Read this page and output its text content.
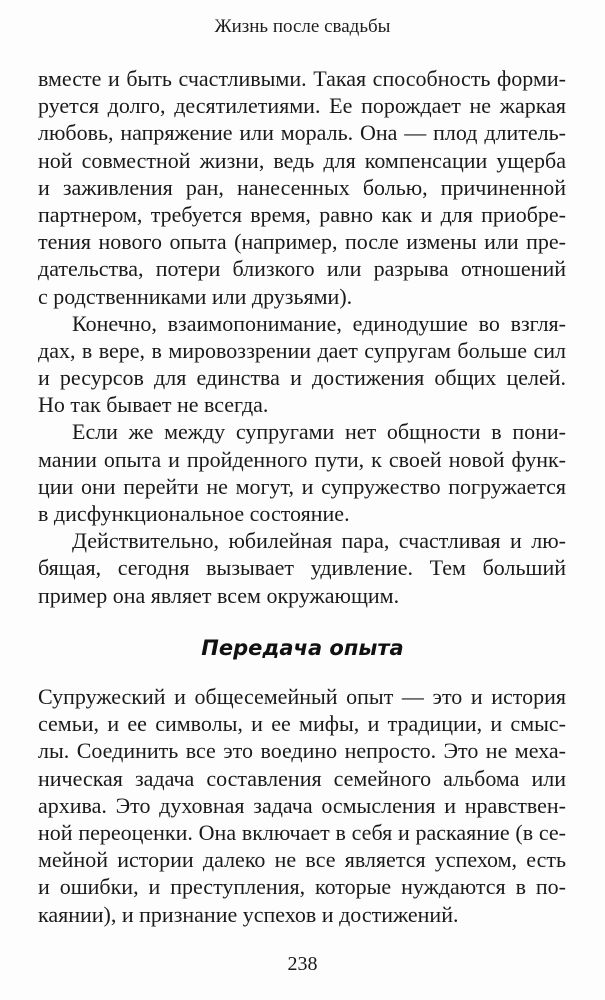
Жизнь после свадьбы
вместе и быть счастливыми. Такая способность форми-
руется долго, десятилетиями. Ее порождает не жаркая
любовь, напряжение или мораль. Она — плод длитель-
ной совместной жизни, ведь для компенсации ущерба
и заживления ран, нанесенных болью, причиненной
партнером, требуется время, равно как и для приобре-
тения нового опыта (например, после измены или пре-
дательства, потери близкого или разрыва отношений
с родственниками или друзьями).
Конечно, взаимопонимание, единодушие во взгля-
дах, в вере, в мировоззрении дает супругам больше сил
и ресурсов для единства и достижения общих целей.
Но так бывает не всегда.
Если же между супругами нет общности в пони-
мании опыта и пройденного пути, к своей новой функ-
ции они перейти не могут, и супружество погружается
в дисфункциональное состояние.
Действительно, юбилейная пара, счастливая и лю-
бящая, сегодня вызывает удивление. Тем больший
пример она являет всем окружающим.
Передача опыта
Супружеский и общесемейный опыт — это и история
семьи, и ее символы, и ее мифы, и традиции, и смыс-
лы. Соединить все это воедино непросто. Это не меха-
ническая задача составления семейного альбома или
архива. Это духовная задача осмысления и нравствен-
ной переоценки. Она включает в себя и раскаяние (в се-
мейной истории далеко не все является успехом, есть
и ошибки, и преступления, которые нуждаются в по-
каянии), и признание успехов и достижений.
238
